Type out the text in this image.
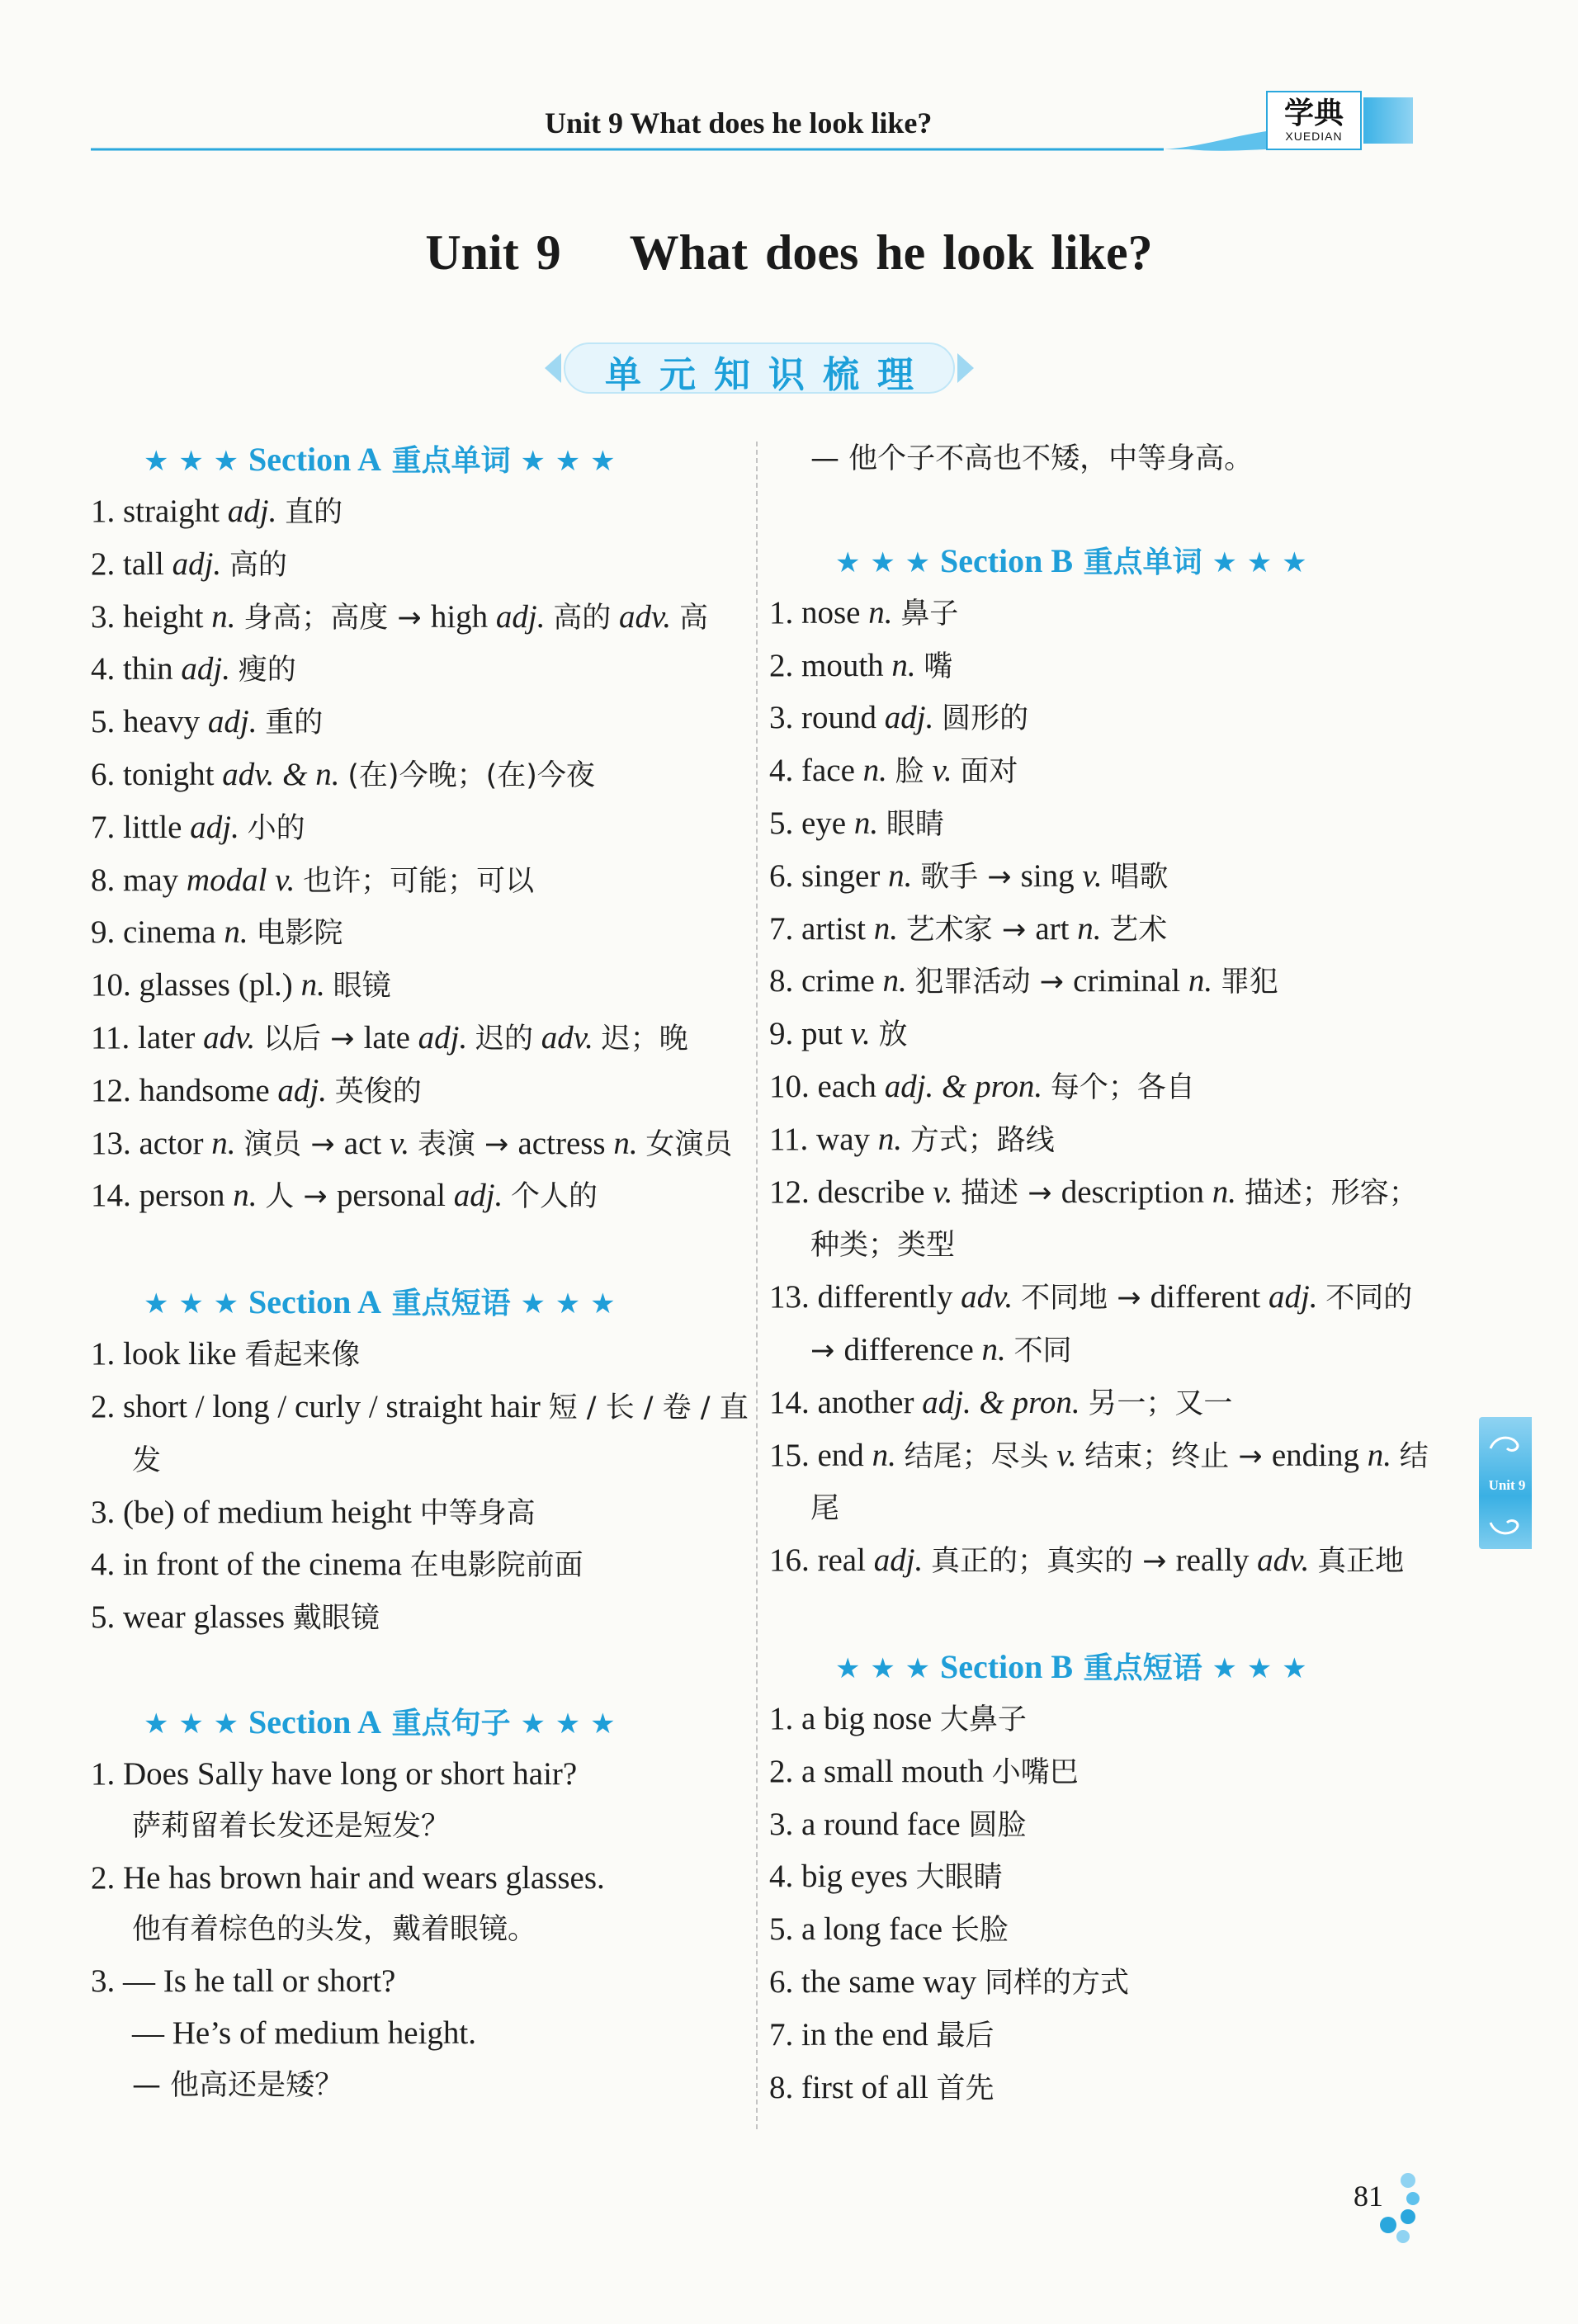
Unit 9 What does he look like?	学典
XUEDIAN
Unit 9    What does he look like?
单元知识梳理
★ ★ ★ Section A 重点单词 ★ ★ ★
1. straight adj. 直的
2. tall adj. 高的
3. height n. 身高；高度 → high adj. 高的 adv. 高
4. thin adj. 瘦的
5. heavy adj. 重的
6. tonight adv. & n. (在)今晚；(在)今夜
7. little adj. 小的
8. may modal v. 也许；可能；可以
9. cinema n. 电影院
10. glasses (pl.) n. 眼镜
11. later adv. 以后 → late adj. 迟的 adv. 迟；晚
12. handsome adj. 英俊的
13. actor n. 演员 → act v. 表演 → actress n. 女演员
14. person n. 人 → personal adj. 个人的
★ ★ ★ Section A 重点短语 ★ ★ ★
1. look like 看起来像
2. short / long / curly / straight hair 短 / 长 / 卷 / 直发
3. (be) of medium height 中等身高
4. in front of the cinema 在电影院前面
5. wear glasses 戴眼镜
★ ★ ★ Section A 重点句子 ★ ★ ★
1. Does Sally have long or short hair?
萨莉留着长发还是短发？
2. He has brown hair and wears glasses.
他有着棕色的头发，戴着眼镜。
3. — Is he tall or short?
— He’s of medium height.
— 他高还是矮？
— 他个子不高也不矮，中等身高。
★ ★ ★ Section B 重点单词 ★ ★ ★
1. nose n. 鼻子
2. mouth n. 嘴
3. round adj. 圆形的
4. face n. 脸 v. 面对
5. eye n. 眼睛
6. singer n. 歌手 → sing v. 唱歌
7. artist n. 艺术家 → art n. 艺术
8. crime n. 犯罪活动 → criminal n. 罪犯
9. put v. 放
10. each adj. & pron. 每个；各自
11. way n. 方式；路线
12. describe v. 描述 → description n. 描述；形容；种类；类型
13. differently adv. 不同地 → different adj. 不同的 → difference n. 不同
14. another adj. & pron. 另一；又一
15. end n. 结尾；尽头 v. 结束；终止 → ending n. 结尾
16. real adj. 真正的；真实的 → really adv. 真正地
★ ★ ★ Section B 重点短语 ★ ★ ★
1. a big nose 大鼻子
2. a small mouth 小嘴巴
3. a round face 圆脸
4. big eyes 大眼睛
5. a long face 长脸
6. the same way 同样的方式
7. in the end 最后
8. first of all 首先
Unit 9
81
